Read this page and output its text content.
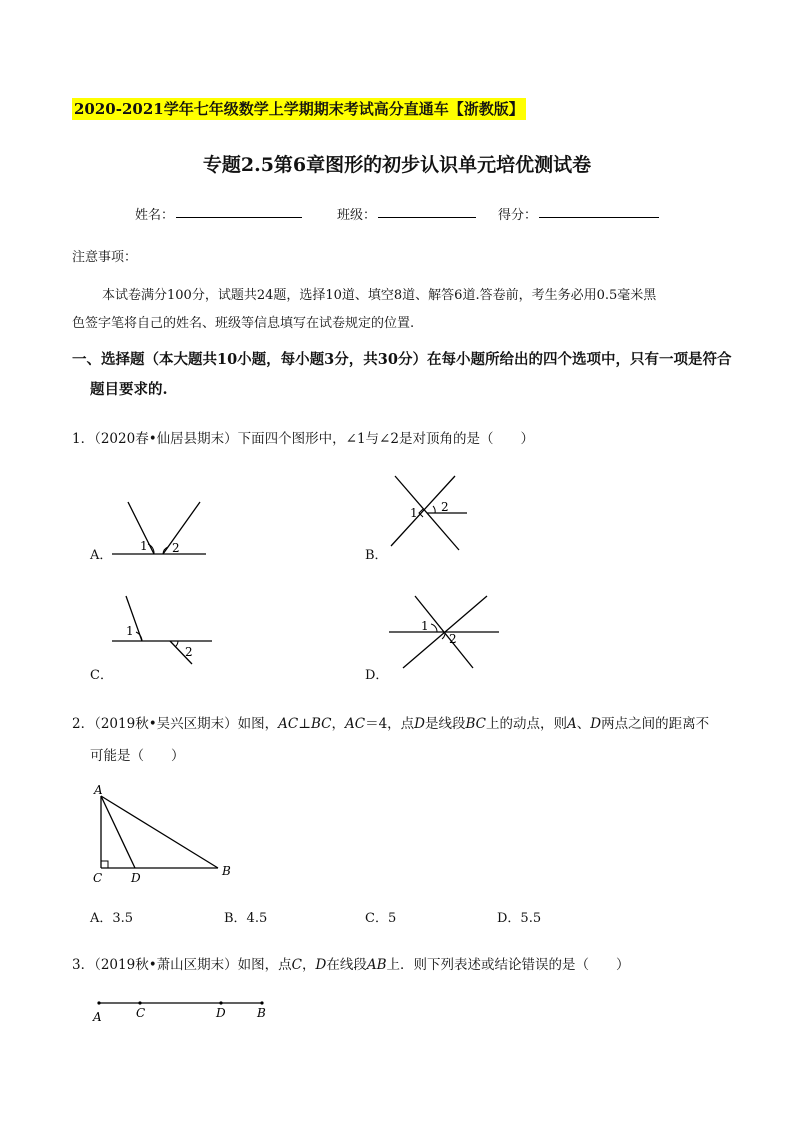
2020-2021学年七年级数学上学期期末考试高分直通车【浙教版】
专题2.5第6章图形的初步认识单元培优测试卷
姓名：	班级：	得分：
注意事项：
本试卷满分100分，试题共24题，选择10道、填空8道、解答6道.答卷前，考生务必用0.5毫米黑
色签字笔将自己的姓名、班级等信息填写在试卷规定的位置.
一、选择题（本大题共10小题，每小题3分，共30分）在每小题所给出的四个选项中，只有一项是符合
题目要求的.
1．（2020春•仙居县期末）下面四个图形中，∠1与∠2是对顶角的是（　　）
A．
1 2	B．
1 2
C．
1
2
D．
1
2
2．（2019秋•吴兴区期末）如图，AC⊥BC，AC＝4，点D是线段BC上的动点，则A、D两点之间的距离不
可能是（　　）
A
C D	B
A．3.5	B．4.5	C．5	D．5.5
3．（2019秋•萧山区期末）如图，点C，D在线段AB上．则下列表述或结论错误的是（　　）
A	C	D	B
